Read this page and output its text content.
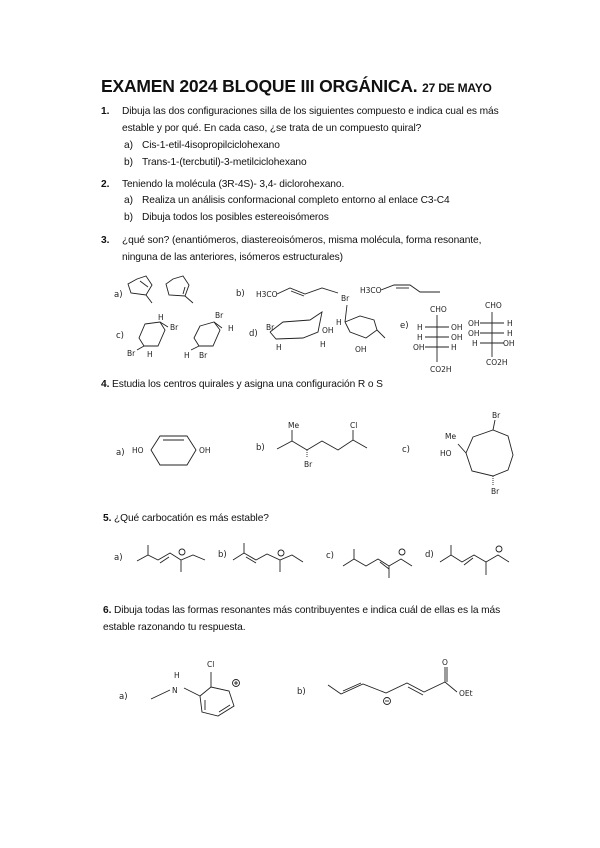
EXAMEN 2024 BLOQUE III ORGÁNICA. 27 DE MAYO
1. Dibuja las dos configuraciones silla de los siguientes compuesto e indica cual es más
estable y por qué. En cada caso, ¿se trata de un compuesto quiral?
a) Cis-1-etil-4isopropilciclohexano
b) Trans-1-(tercbutil)-3-metilciclohexano
2. Teniendo la molécula (3R-4S)- 3,4- diclorohexano.
a) Realiza un análisis conformacional completo entorno al enlace C3-C4
b) Dibuja todos los posibles estereoisómeros
3. ¿qué son? (enantiómeros, diastereoisómeros, misma molécula, forma resonante,
ninguna de las anteriores, isómeros estructurales)
4. Estudia los centros quirales y asigna una configuración R o S
5. ¿Qué carbocatión es más estable?
6. Dibuja todas las formas resonantes más contribuyentes e indica cuál de ellas es la más
estable razonando tu respuesta.
a)	b) H3CO	H3CO
c)
Br
H
Br H
Br
H
H Br
d)
Br	OH
H	H
Br
H
OH
e)
CHO
H	OH
H	OH
OH	H
CO2H
CHO
OH	H
OH	H
H	OH
CO2H
a) HO	OH	b)
Me
Br
Cl
c)
Me
HO
Br
Br
a)	b)	c)	d)
a)
N
H
Cl
b)
O
OEt
